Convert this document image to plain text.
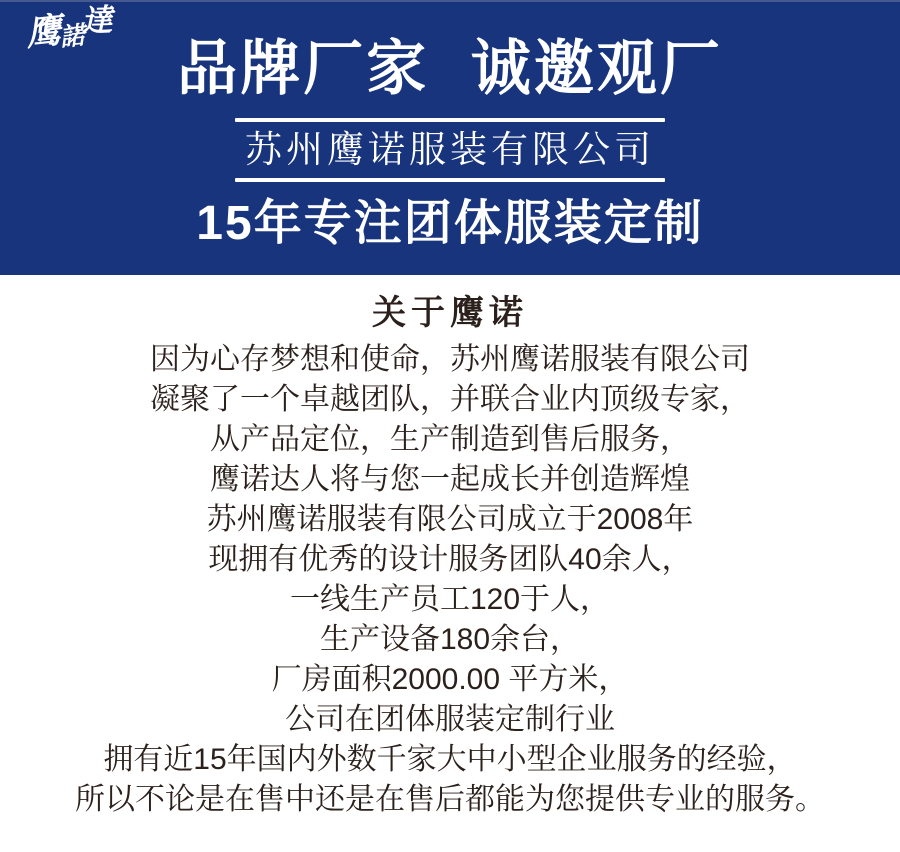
鹰諾達
品牌厂家 诚邀观厂
苏州鹰诺服装有限公司
15年专注团体服装定制
关于鹰诺
因为心存梦想和使命，苏州鹰诺服装有限公司
凝聚了一个卓越团队，并联合业内顶级专家，
从产品定位，生产制造到售后服务，
鹰诺达人将与您一起成长并创造辉煌
苏州鹰诺服装有限公司成立于2008年
现拥有优秀的设计服务团队40余人，
一线生产员工120于人，
生产设备180余台，
厂房面积2000.00 平方米，
公司在团体服装定制行业
拥有近15年国内外数千家大中小型企业服务的经验，
所以不论是在售中还是在售后都能为您提供专业的服务。
